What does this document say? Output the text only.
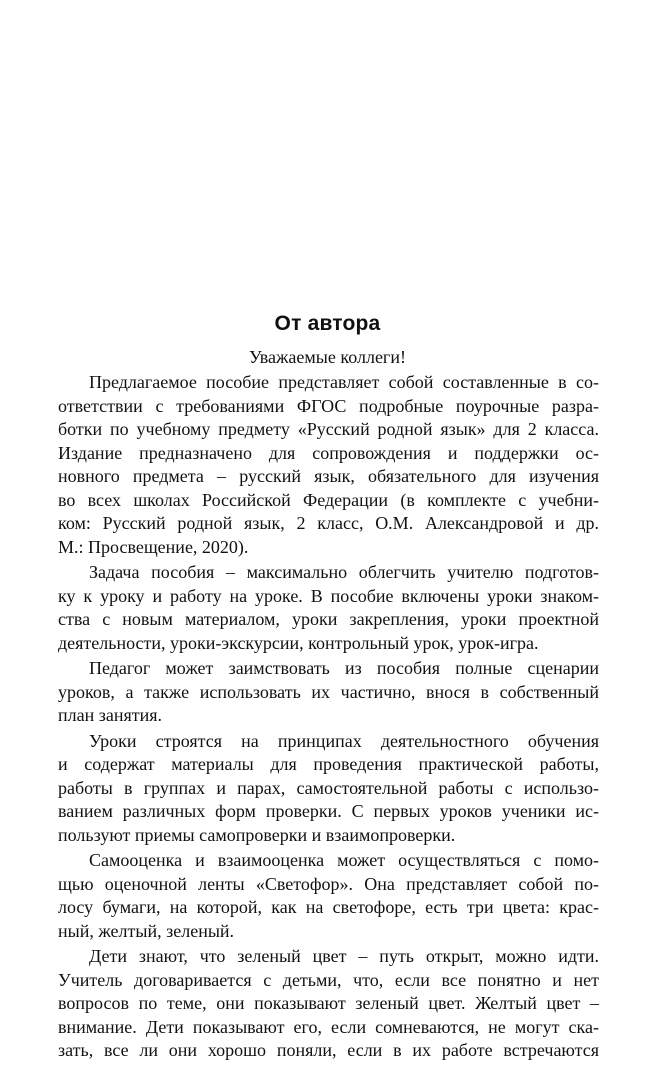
От автора
Уважаемые коллеги!
Предлагаемое пособие представляет собой составленные в со-
ответствии с требованиями ФГОС подробные поурочные разра-
ботки по учебному предмету «Русский родной язык» для 2 класса.
Издание предназначено для сопровождения и поддержки ос-
новного предмета – русский язык, обязательного для изучения
во всех школах Российской Федерации (в комплекте с учебни-
ком: Русский родной язык, 2 класс, О.М. Александровой и др.
М.: Просвещение, 2020).
Задача пособия – максимально облегчить учителю подготов-
ку к уроку и работу на уроке. В пособие включены уроки знаком-
ства с новым материалом, уроки закрепления, уроки проектной
деятельности, уроки-экскурсии, контрольный урок, урок-игра.
Педагог может заимствовать из пособия полные сценарии
уроков, а также использовать их частично, внося в собственный
план занятия.
Уроки строятся на принципах деятельностного обучения
и содержат материалы для проведения практической работы,
работы в группах и парах, самостоятельной работы с использо-
ванием различных форм проверки. С первых уроков ученики ис-
пользуют приемы самопроверки и взаимопроверки.
Самооценка и взаимооценка может осуществляться с помо-
щью оценочной ленты «Светофор». Она представляет собой по-
лосу бумаги, на которой, как на светофоре, есть три цвета: крас-
ный, желтый, зеленый.
Дети знают, что зеленый цвет – путь открыт, можно идти.
Учитель договаривается с детьми, что, если все понятно и нет
вопросов по теме, они показывают зеленый цвет. Желтый цвет –
внимание. Дети показывают его, если сомневаются, не могут ска-
зать, все ли они хорошо поняли, если в их работе встречаются
